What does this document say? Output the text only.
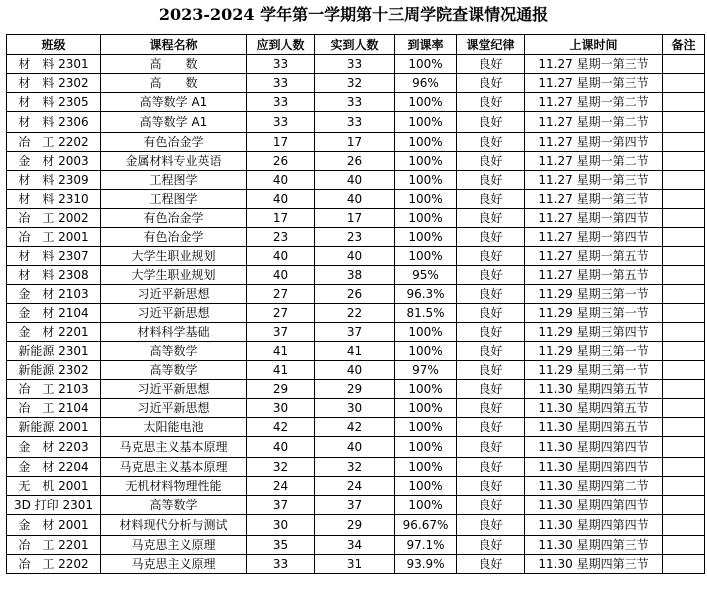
2023-2024 学年第一学期第十三周学院查课情况通报
班级	课程名称	应到人数	实到人数	到课率	课堂纪律	上课时间	备注
材　料 2301	高　　数	33	33	100%	良好	11.27 星期一第三节	
材　料 2302	高　　数	33	32	96%	良好	11.27 星期一第三节	
材　料 2305	高等数学 A1	33	33	100%	良好	11.27 星期一第二节	
材　料 2306	高等数学 A1	33	33	100%	良好	11.27 星期一第二节	
冶　工 2202	有色冶金学	17	17	100%	良好	11.27 星期一第四节	
金　材 2003	金属材料专业英语	26	26	100%	良好	11.27 星期一第二节	
材　料 2309	工程图学	40	40	100%	良好	11.27 星期一第三节	
材　料 2310	工程图学	40	40	100%	良好	11.27 星期一第三节	
冶　工 2002	有色冶金学	17	17	100%	良好	11.27 星期一第四节	
冶　工 2001	有色冶金学	23	23	100%	良好	11.27 星期一第四节	
材　料 2307	大学生职业规划	40	40	100%	良好	11.27 星期一第五节	
材　料 2308	大学生职业规划	40	38	95%	良好	11.27 星期一第五节	
金　材 2103	习近平新思想	27	26	96.3%	良好	11.29 星期三第一节	
金　材 2104	习近平新思想	27	22	81.5%	良好	11.29 星期三第一节	
金　材 2201	材料科学基础	37	37	100%	良好	11.29 星期三第四节	
新能源 2301	高等数学	41	41	100%	良好	11.29 星期三第一节	
新能源 2302	高等数学	41	40	97%	良好	11.29 星期三第一节	
冶　工 2103	习近平新思想	29	29	100%	良好	11.30 星期四第五节	
冶　工 2104	习近平新思想	30	30	100%	良好	11.30 星期四第五节	
新能源 2001	太阳能电池	42	42	100%	良好	11.30 星期四第五节	
金　材 2203	马克思主义基本原理	40	40	100%	良好	11.30 星期四第四节	
金　材 2204	马克思主义基本原理	32	32	100%	良好	11.30 星期四第四节	
无　机 2001	无机材料物理性能	24	24	100%	良好	11.30 星期四第二节	
3D 打印 2301	高等数学	37	37	100%	良好	11.30 星期四第四节	
金　材 2001	材料现代分析与测试	30	29	96.67%	良好	11.30 星期四第四节	
冶　工 2201	马克思主义原理	35	34	97.1%	良好	11.30 星期四第三节	
冶　工 2202	马克思主义原理	33	31	93.9%	良好	11.30 星期四第三节	
